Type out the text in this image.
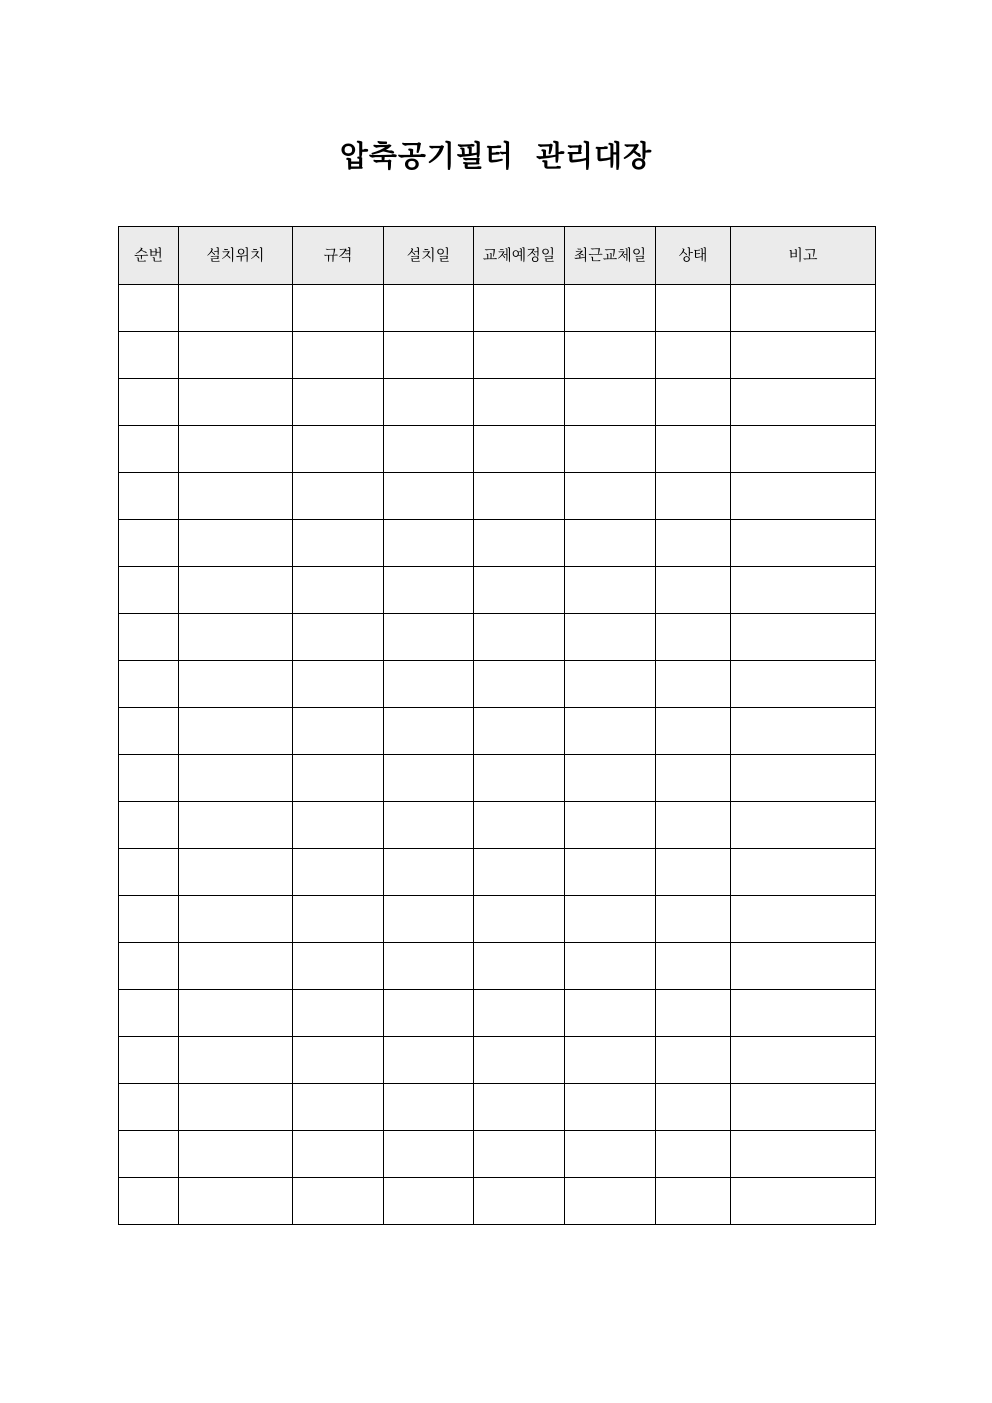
압축공기필터  관리대장
순번	설치위치	규격	설치일	교체예정일	최근교체일	상태	비고
